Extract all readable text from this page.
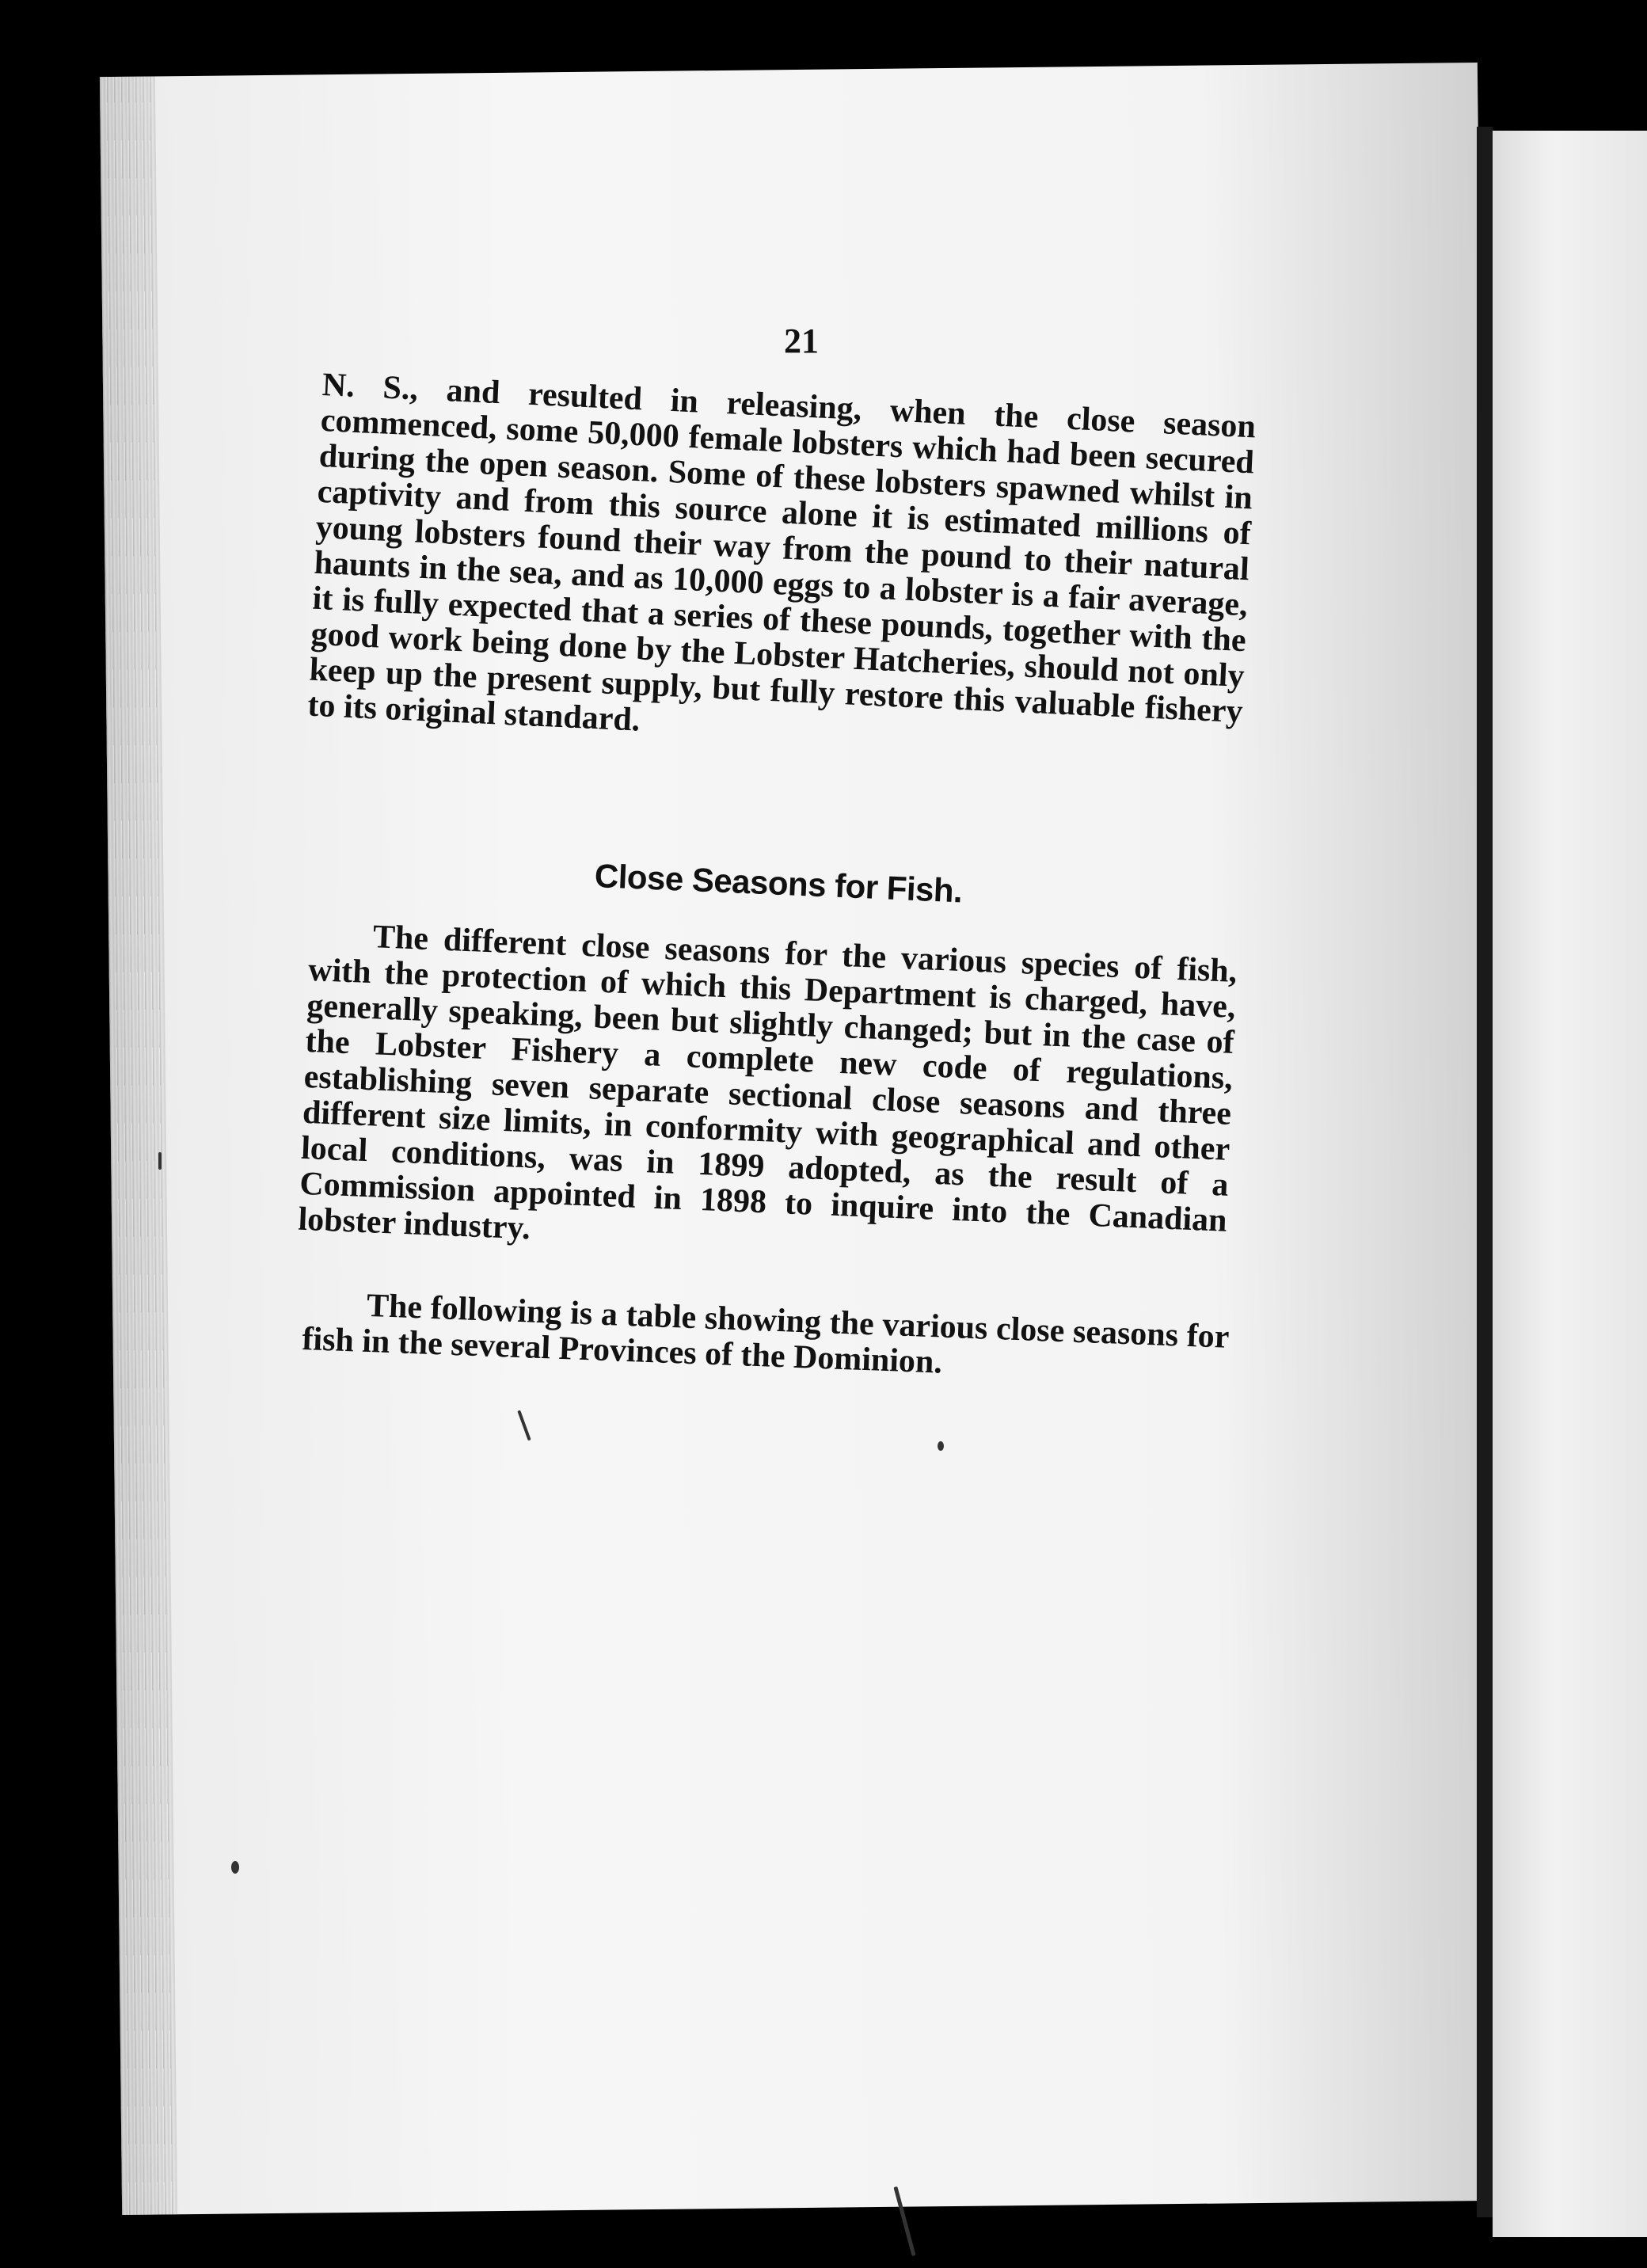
21

N. S., and resulted in releasing, when the close season commenced, some 50,000 female lobsters which had been secured during the open season. Some of these lobsters spawned whilst in captivity and from this source alone it is estimated millions of young lobsters found their way from the pound to their natural haunts in the sea, and as 10,000 eggs to a lobster is a fair average, it is fully expected that a series of these pounds, together with the good work being done by the Lobster Hatcheries, should not only keep up the present supply, but fully restore this valuable fishery to its original standard.

Close Seasons for Fish.

The different close seasons for the various species of fish, with the protection of which this Department is charged, have, generally speaking, been but slightly changed; but in the case of the Lobster Fishery a complete new code of regulations, establishing seven separate sectional close seasons and three different size limits, in conformity with geographical and other local conditions, was in 1899 adopted, as the result of a Commission appointed in 1898 to inquire into the Canadian lobster industry.

The following is a table showing the various close seasons for fish in the several Provinces of the Dominion.
